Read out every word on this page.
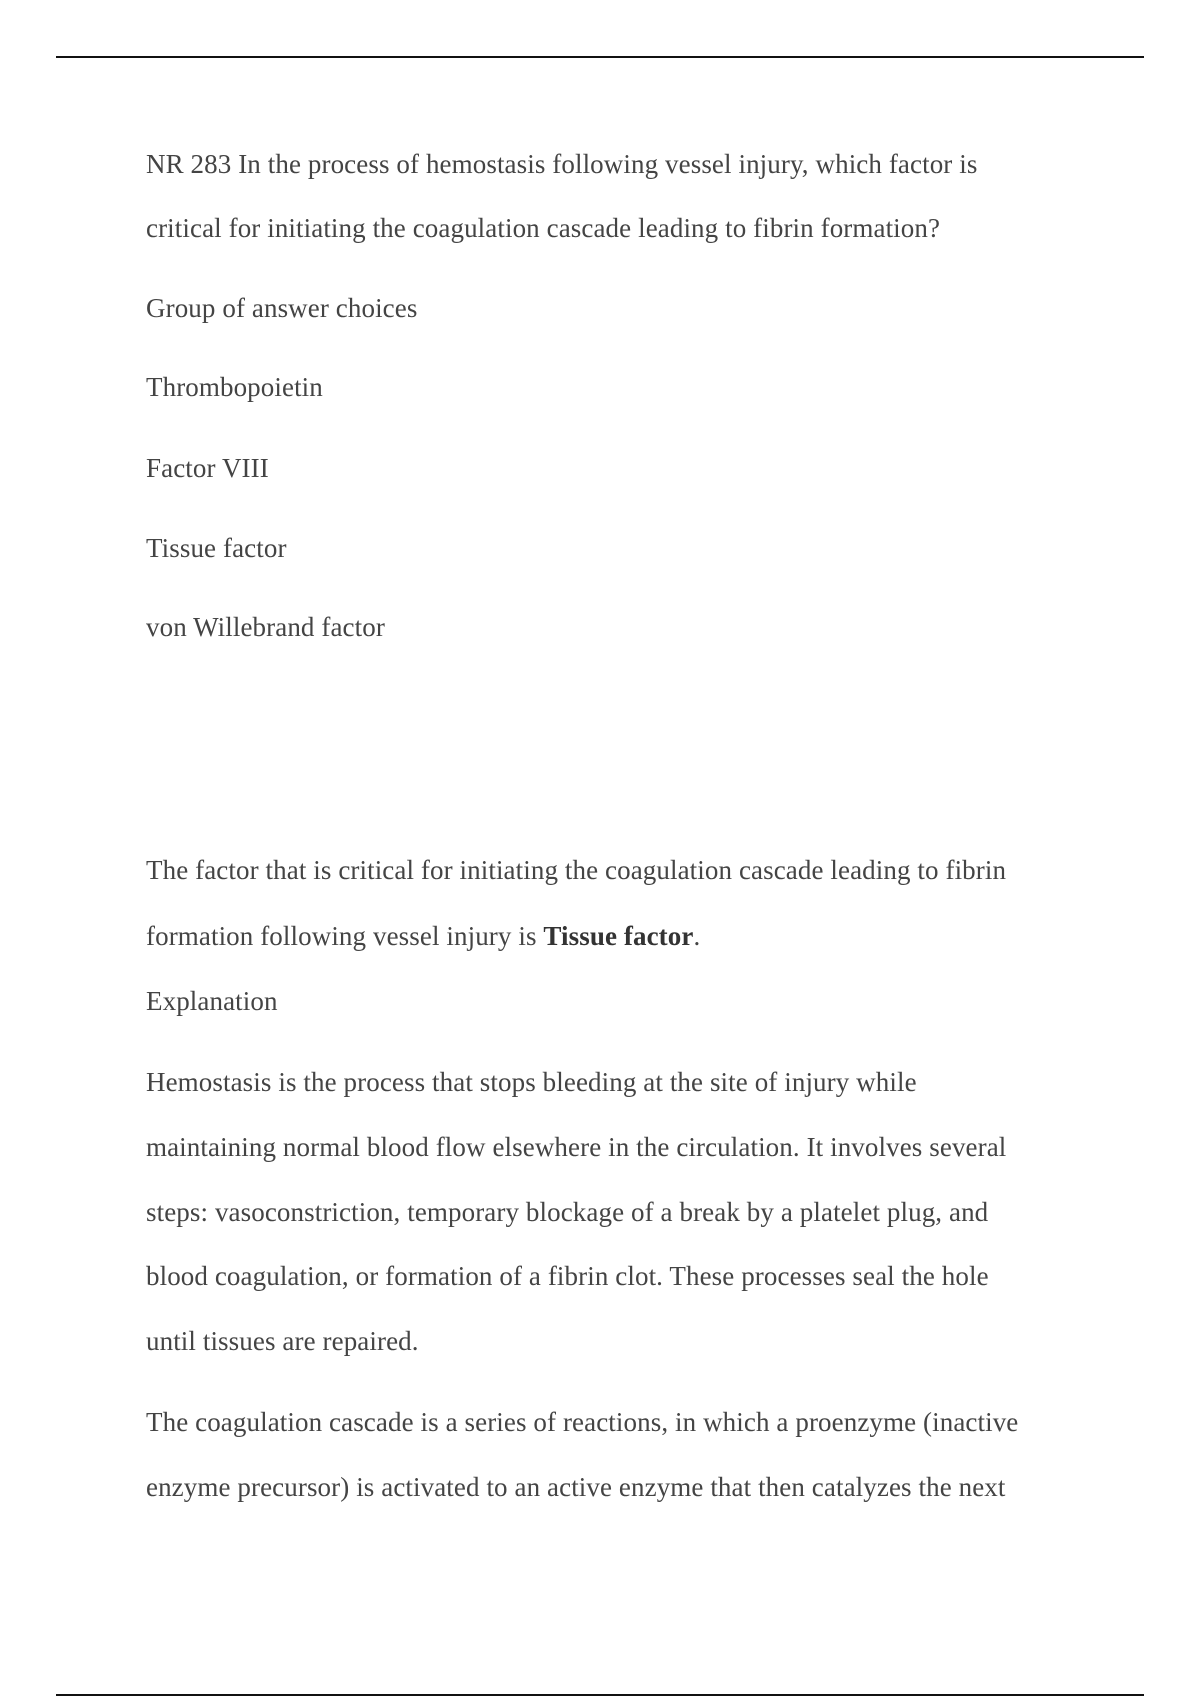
NR 283 In the process of hemostasis following vessel injury, which factor is
critical for initiating the coagulation cascade leading to fibrin formation?
Group of answer choices
Thrombopoietin
Factor VIII
Tissue factor
von Willebrand factor
The factor that is critical for initiating the coagulation cascade leading to fibrin
formation following vessel injury is Tissue factor.
Explanation
Hemostasis is the process that stops bleeding at the site of injury while
maintaining normal blood flow elsewhere in the circulation. It involves several
steps: vasoconstriction, temporary blockage of a break by a platelet plug, and
blood coagulation, or formation of a fibrin clot. These processes seal the hole
until tissues are repaired.
The coagulation cascade is a series of reactions, in which a proenzyme (inactive
enzyme precursor) is activated to an active enzyme that then catalyzes the next
